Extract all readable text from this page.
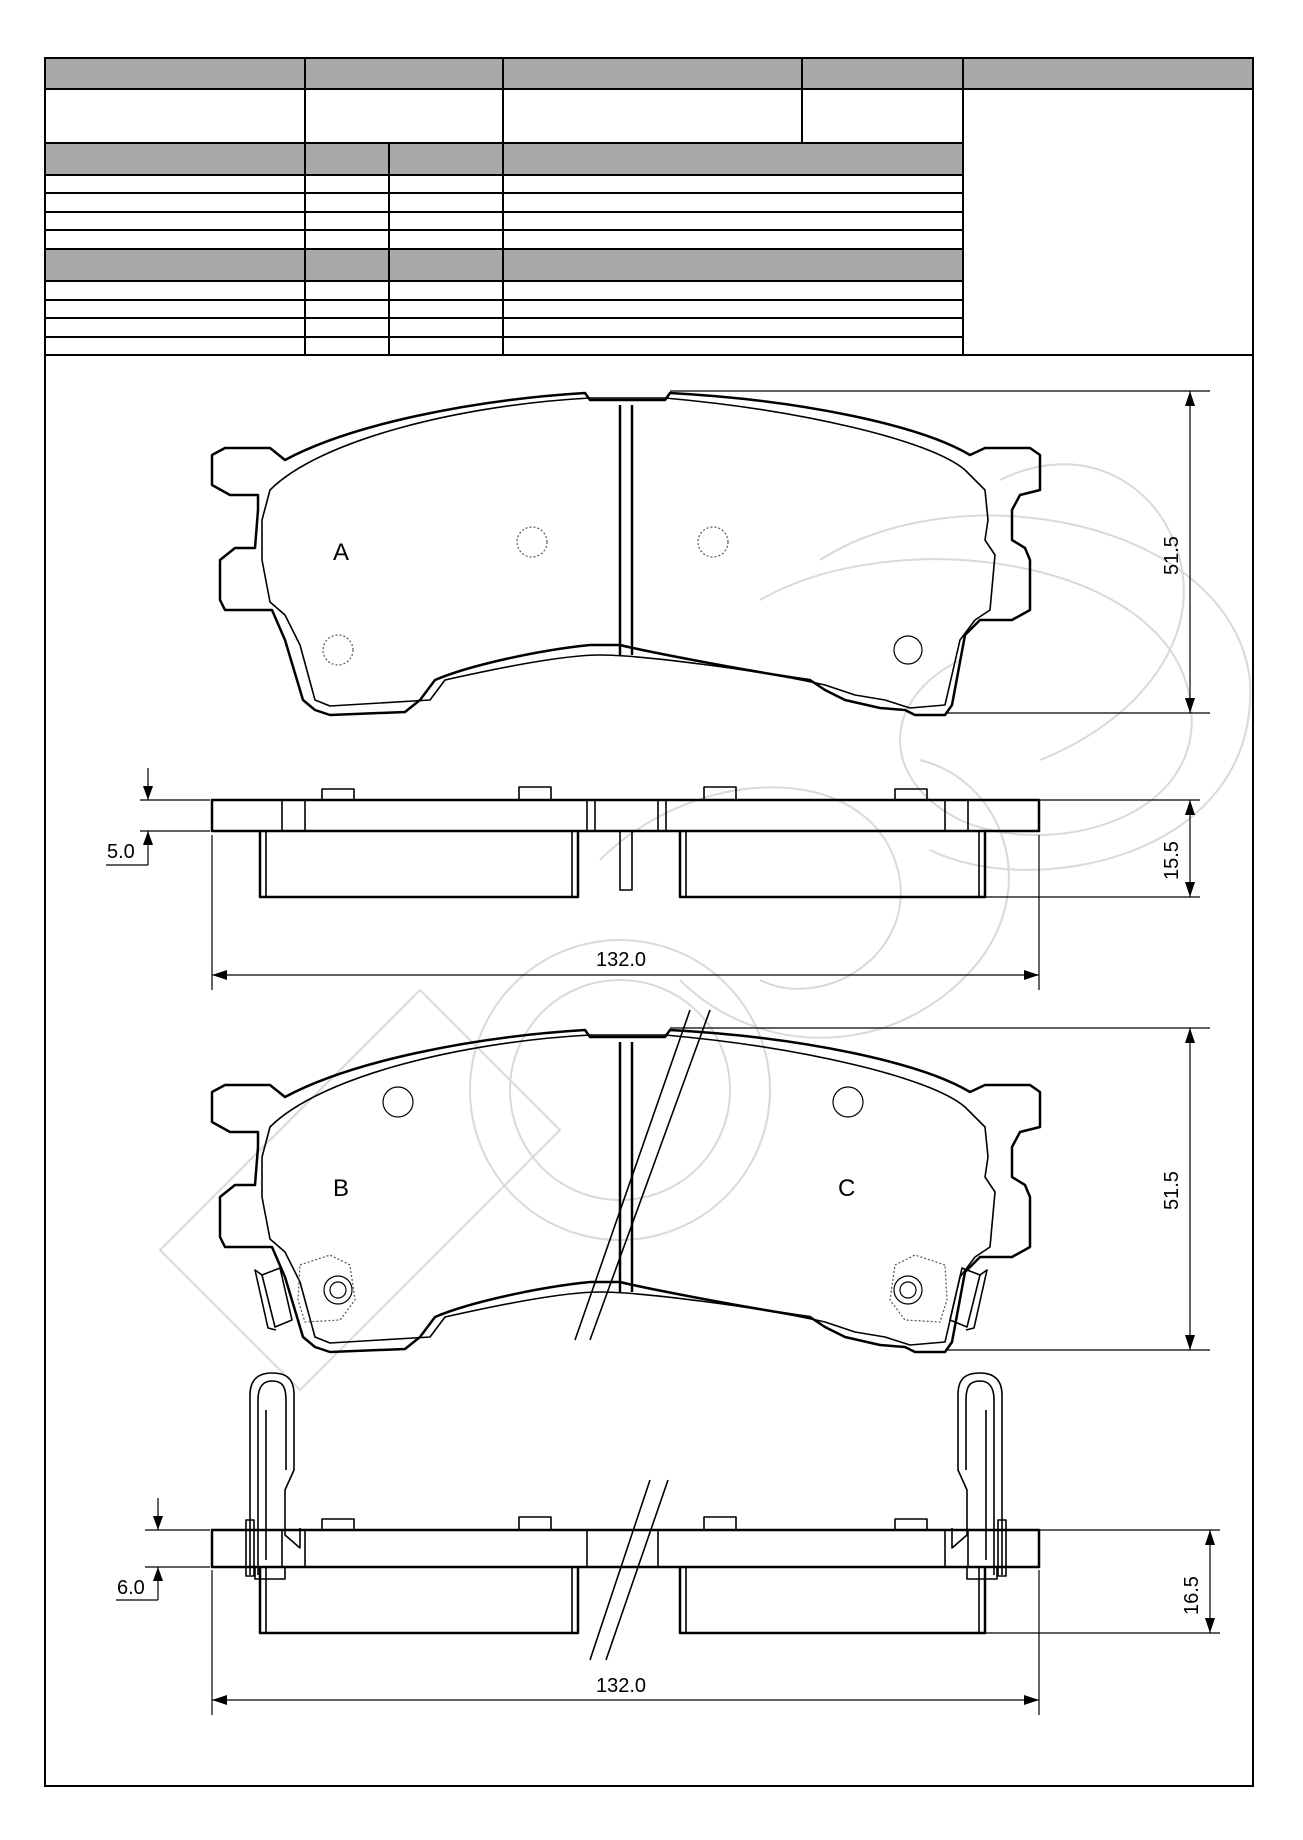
A	51.5
5.0	15.5
132.0
B	C	51.5
6.0	16.5
132.0
